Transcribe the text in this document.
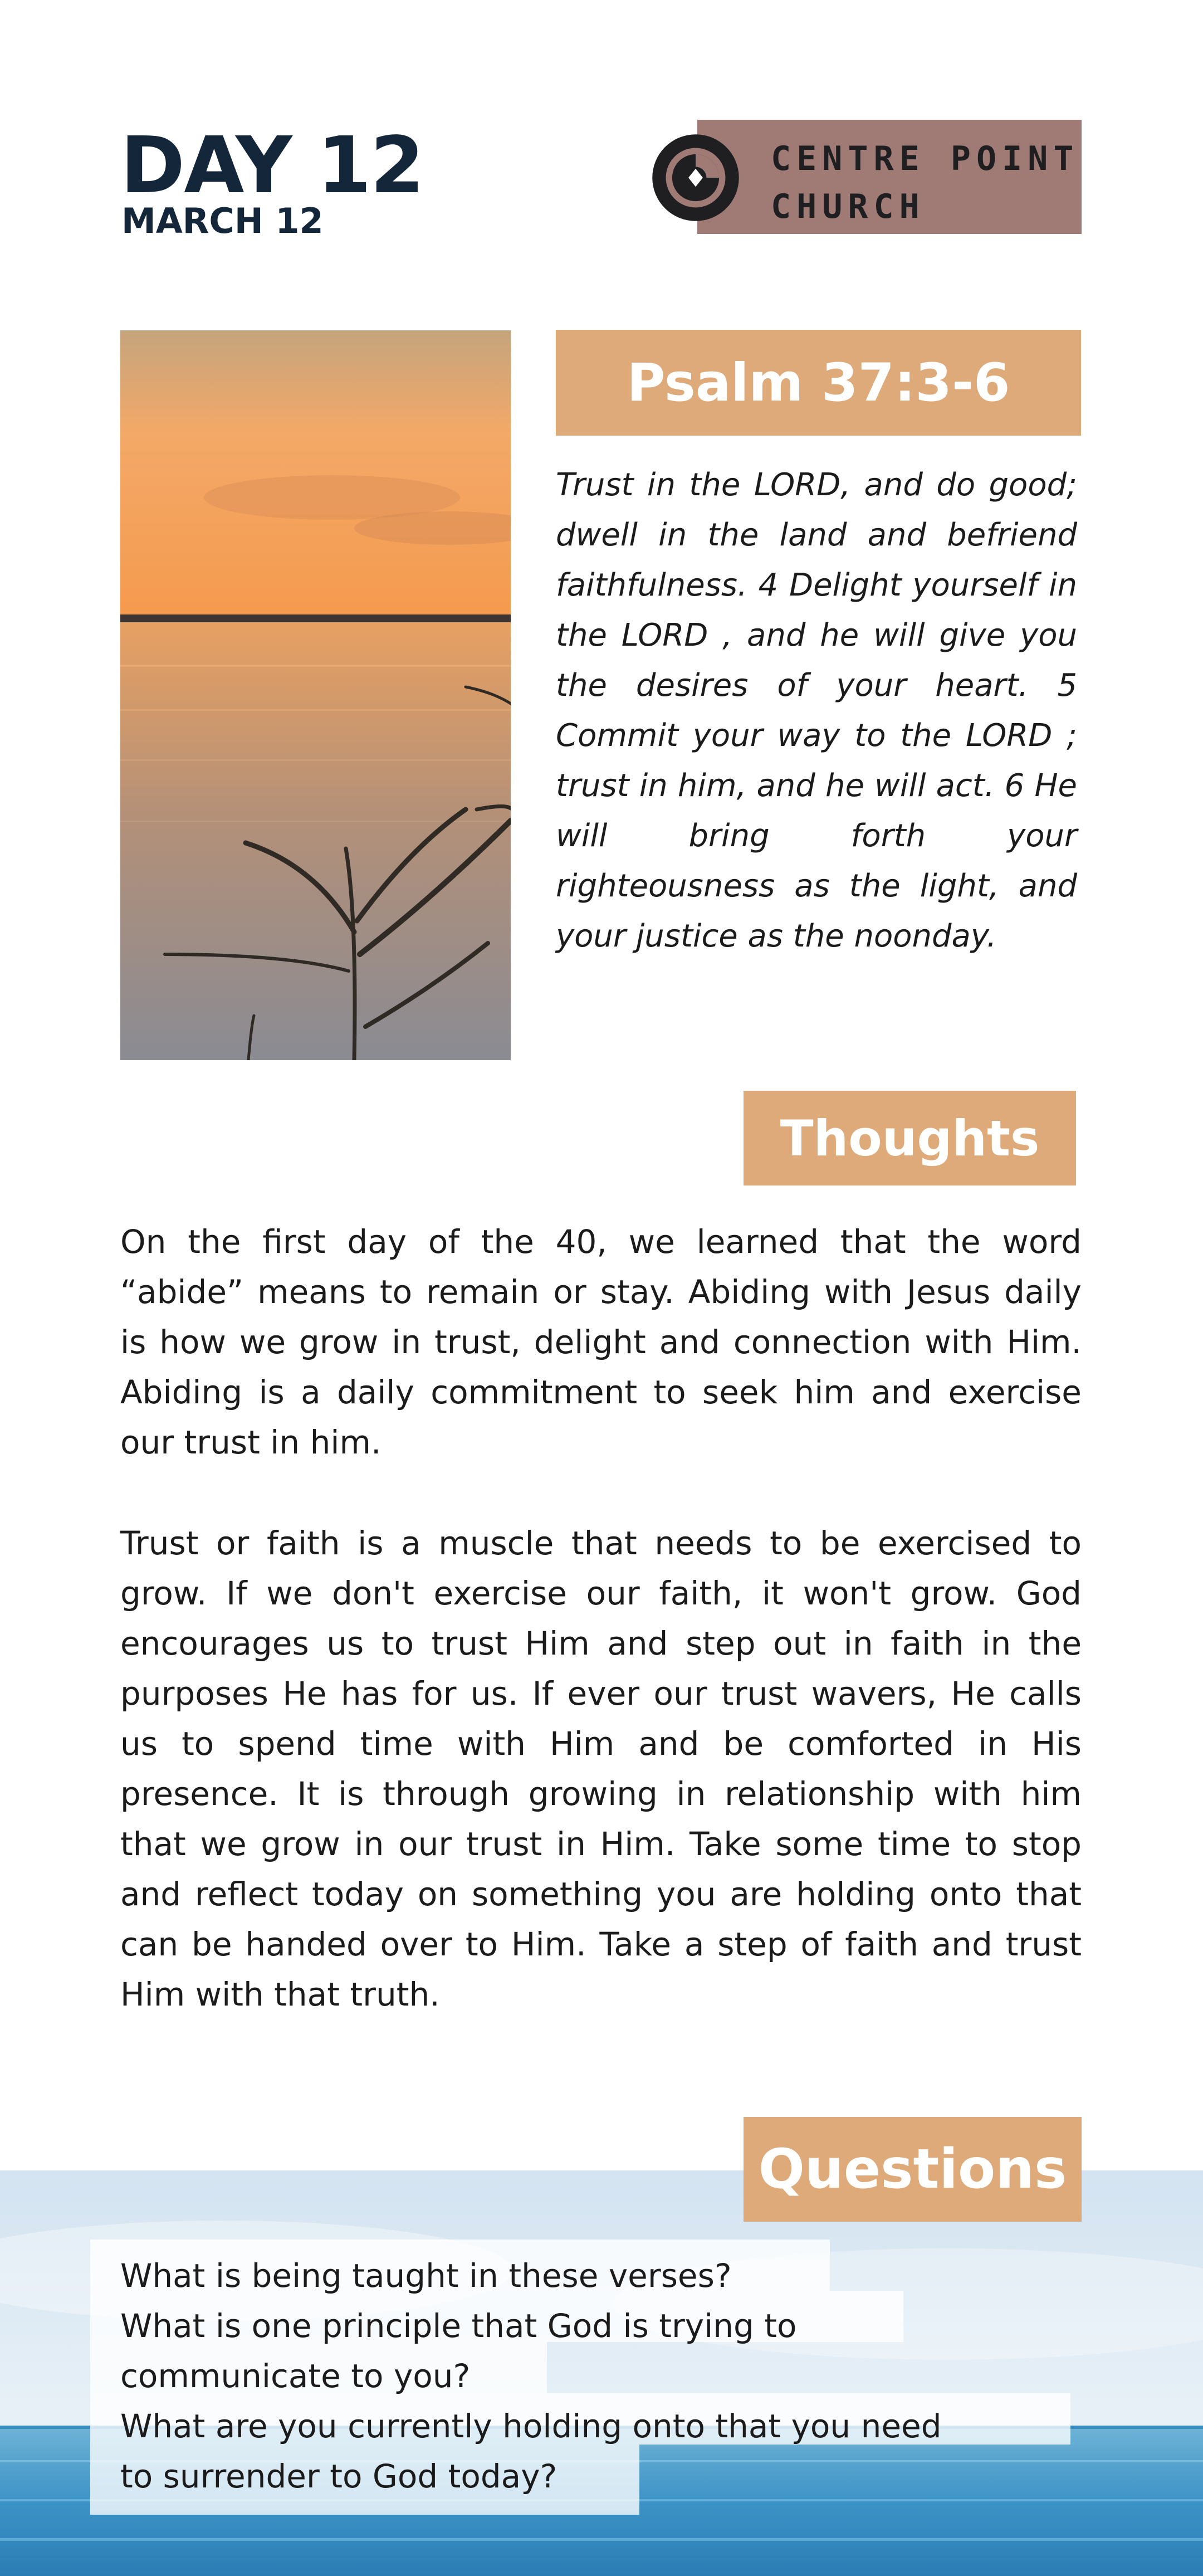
DAY 12
MARCH 12
CENTRE POINT
CHURCH
Psalm 37:3-6

Trust in the LORD, and do good; dwell in the land and befriend faithfulness. 4 Delight yourself in the LORD , and he will give you the desires of your heart. 5 Commit your way to the LORD ; trust in him, and he will act. 6 He will bring forth your righteousness as the light, and your justice as the noonday.

Thoughts

On the first day of the 40, we learned that the word “abide” means to remain or stay. Abiding with Jesus daily is how we grow in trust, delight and connection with Him. Abiding is a daily commitment to seek him and exercise our trust in him.

Trust or faith is a muscle that needs to be exercised to grow. If we don't exercise our faith, it won't grow. God encourages us to trust Him and step out in faith in the purposes He has for us. If ever our trust wavers, He calls us to spend time with Him and be comforted in His presence. It is through growing in relationship with him that we grow in our trust in Him. Take some time to stop and reflect today on something you are holding onto that can be handed over to Him. Take a step of faith and trust Him with that truth.

Questions
What is being taught in these verses?
What is one principle that God is trying to
communicate to you?
What are you currently holding onto that you need
to surrender to God today?
